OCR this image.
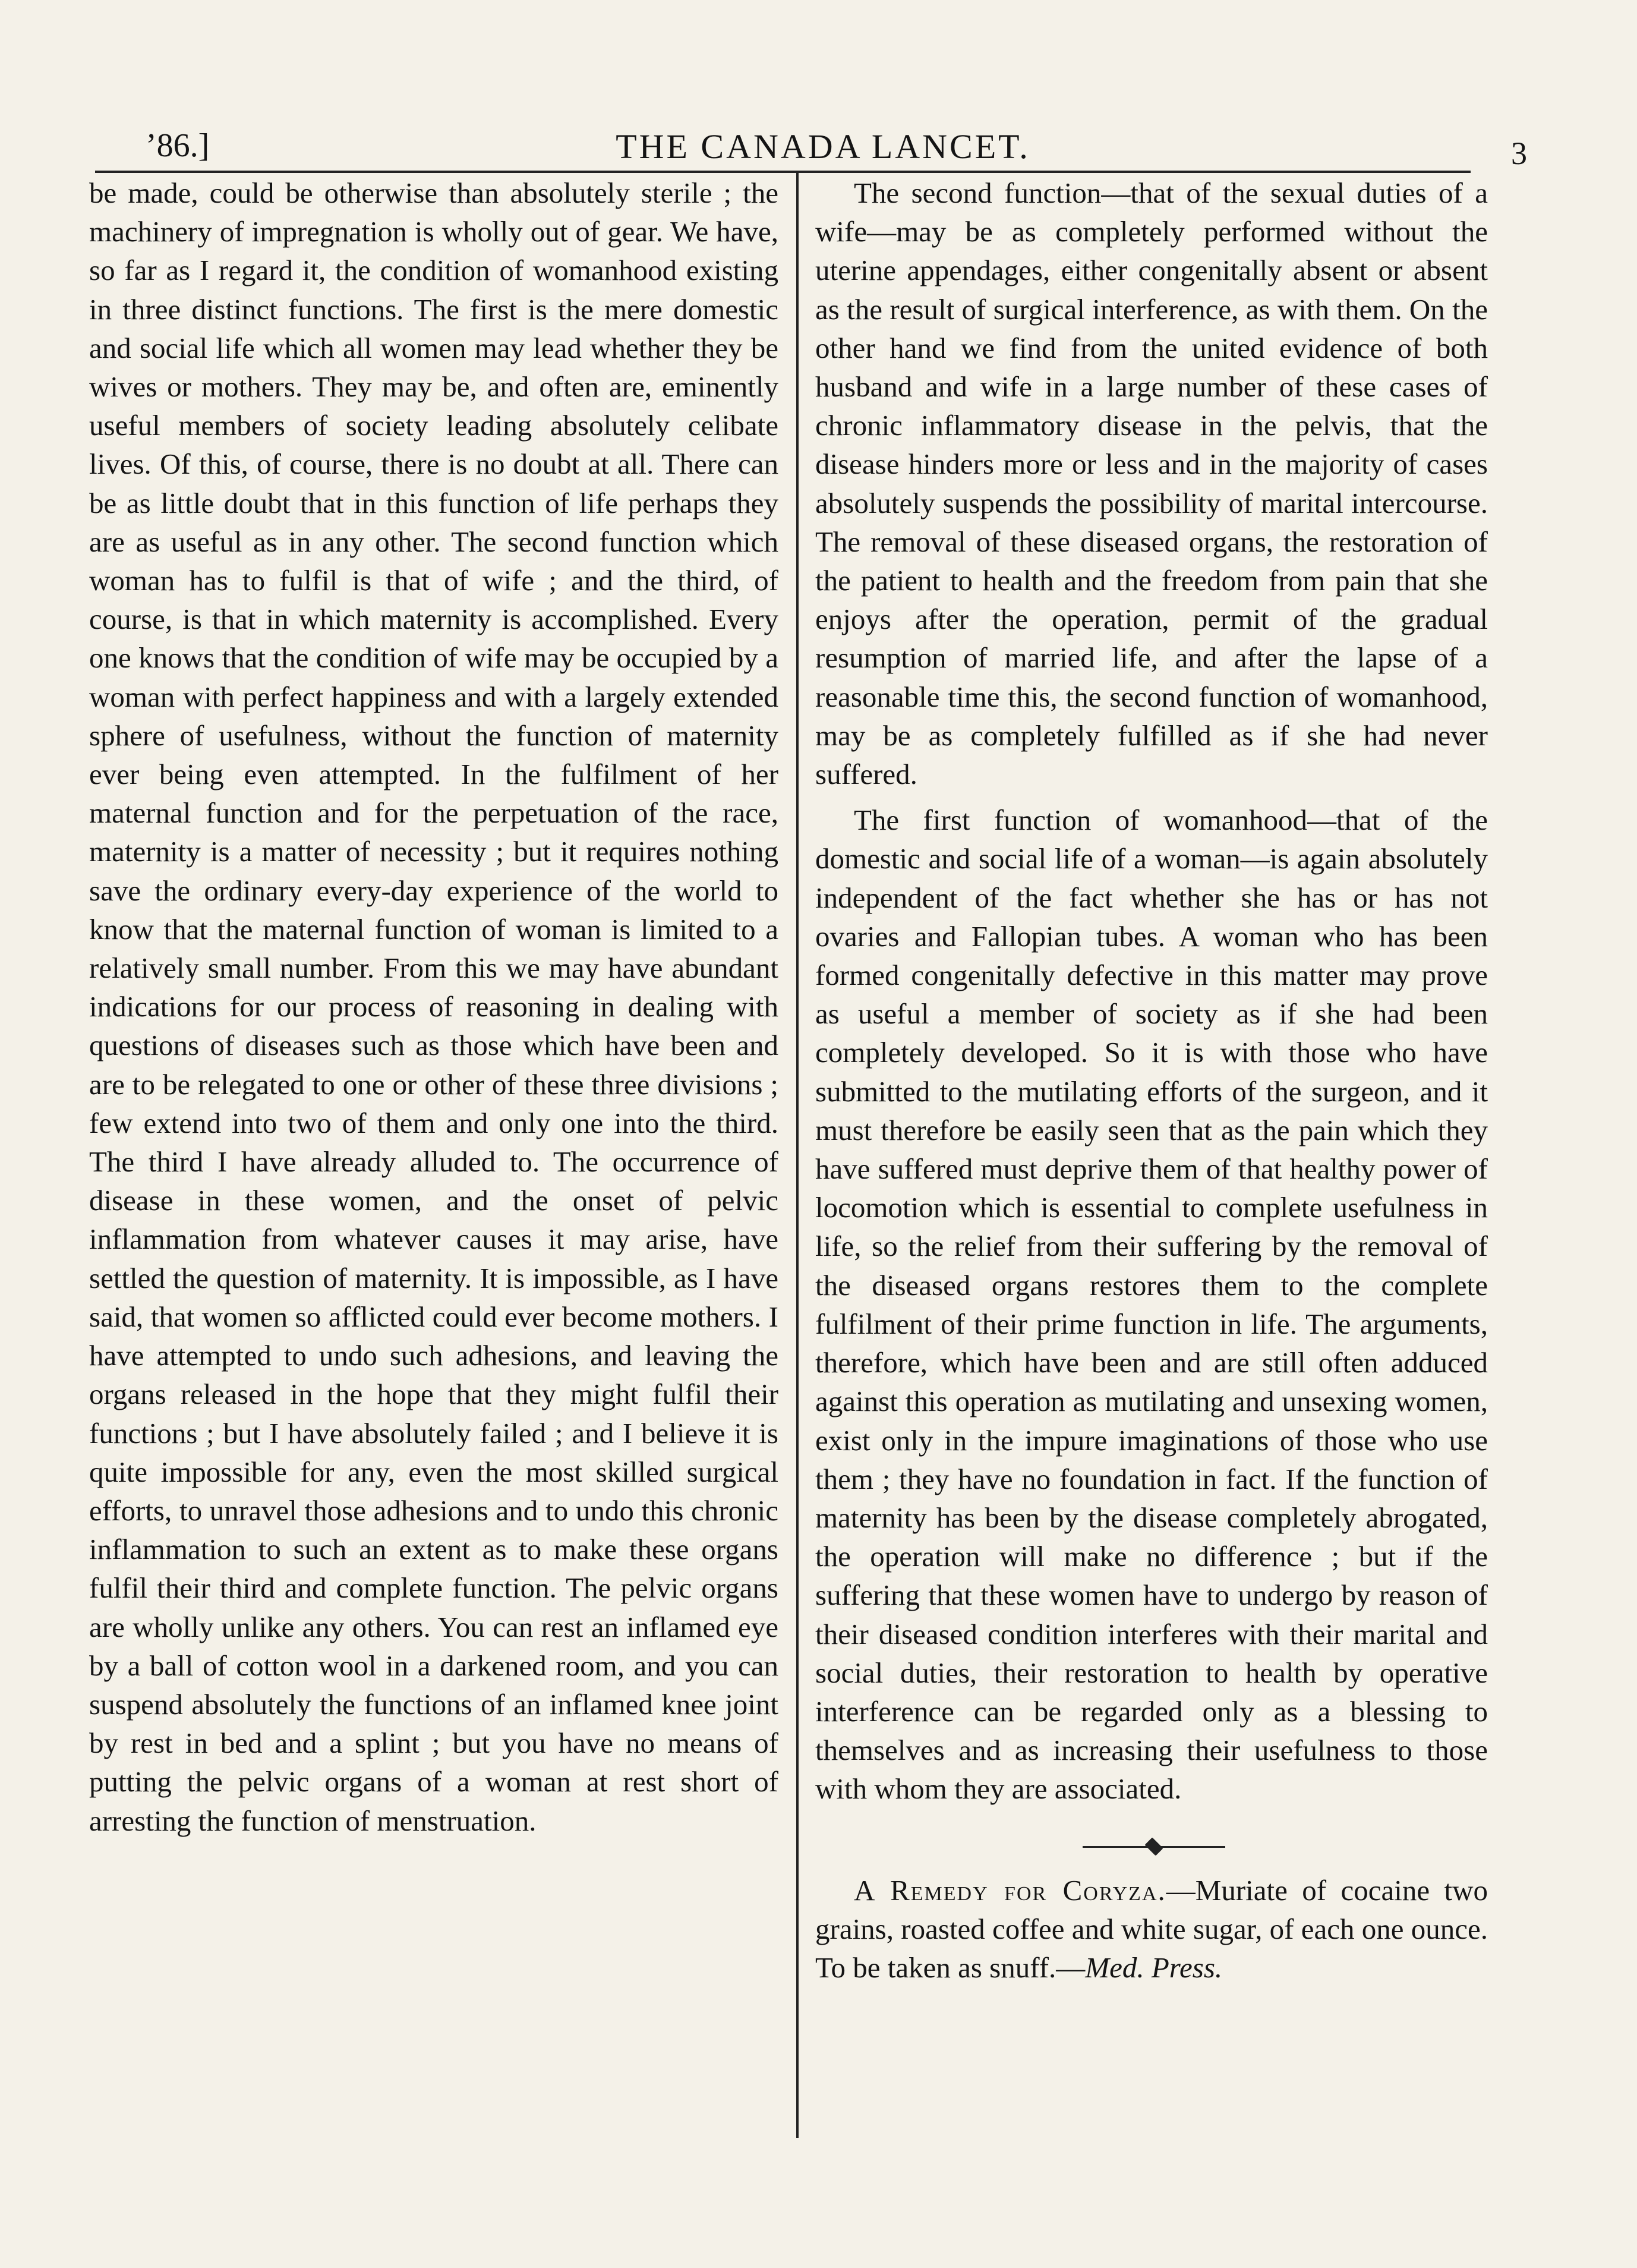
’86.]	THE CANADA LANCET.	3

be made, could be otherwise than absolutely sterile ; the machinery of impregnation is wholly out of gear. We have, so far as I regard it, the condition of womanhood existing in three distinct functions. The first is the mere domestic and social life which all women may lead whether they be wives or mothers. They may be, and often are, eminently useful members of society leading absolutely celibate lives. Of this, of course, there is no doubt at all. There can be as little doubt that in this function of life perhaps they are as useful as in any other. The second function which woman has to fulfil is that of wife ; and the third, of course, is that in which maternity is accomplished. Every one knows that the condition of wife may be occupied by a woman with perfect happiness and with a largely extended sphere of usefulness, without the function of maternity ever being even attempted. In the fulfilment of her maternal function and for the perpetuation of the race, maternity is a matter of necessity ; but it requires nothing save the ordinary every-day experience of the world to know that the maternal function of woman is limited to a relatively small number. From this we may have abundant indications for our process of reasoning in dealing with questions of diseases such as those which have been and are to be relegated to one or other of these three divisions ; few extend into two of them and only one into the third. The third I have already alluded to. The occurrence of disease in these women, and the onset of pelvic inflammation from whatever causes it may arise, have settled the question of maternity. It is impossible, as I have said, that women so afflicted could ever become mothers. I have attempted to undo such adhesions, and leaving the organs released in the hope that they might fulfil their functions ; but I have absolutely failed ; and I believe it is quite impossible for any, even the most skilled surgical efforts, to unravel those adhesions and to undo this chronic inflammation to such an extent as to make these organs fulfil their third and complete function. The pelvic organs are wholly unlike any others. You can rest an inflamed eye by a ball of cotton wool in a darkened room, and you can suspend absolutely the functions of an inflamed knee joint by rest in bed and a splint ; but you have no means of putting the pelvic organs of a woman at rest short of arresting the function of menstruation.

The second function—that of the sexual duties of a wife—may be as completely performed without the uterine appendages, either congenitally absent or absent as the result of surgical interference, as with them. On the other hand we find from the united evidence of both husband and wife in a large number of these cases of chronic inflammatory disease in the pelvis, that the disease hinders more or less and in the majority of cases absolutely suspends the possibility of marital intercourse. The removal of these diseased organs, the restoration of the patient to health and the freedom from pain that she enjoys after the operation, permit of the gradual resumption of married life, and after the lapse of a reasonable time this, the second function of womanhood, may be as completely fulfilled as if she had never suffered.

The first function of womanhood—that of the domestic and social life of a woman—is again absolutely independent of the fact whether she has or has not ovaries and Fallopian tubes. A woman who has been formed congenitally defective in this matter may prove as useful a member of society as if she had been completely developed. So it is with those who have submitted to the mutilating efforts of the surgeon, and it must therefore be easily seen that as the pain which they have suffered must deprive them of that healthy power of locomotion which is essential to complete usefulness in life, so the relief from their suffering by the removal of the diseased organs restores them to the complete fulfilment of their prime function in life. The arguments, therefore, which have been and are still often adduced against this operation as mutilating and unsexing women, exist only in the impure imaginations of those who use them ; they have no foundation in fact. If the function of maternity has been by the disease completely abrogated, the operation will make no difference ; but if the suffering that these women have to undergo by reason of their diseased condition interferes with their marital and social duties, their restoration to health by operative interference can be regarded only as a blessing to themselves and as increasing their usefulness to those with whom they are associated.

A Remedy for Coryza.—Muriate of cocaine two grains, roasted coffee and white sugar, of each one ounce. To be taken as snuff.—Med. Press.
